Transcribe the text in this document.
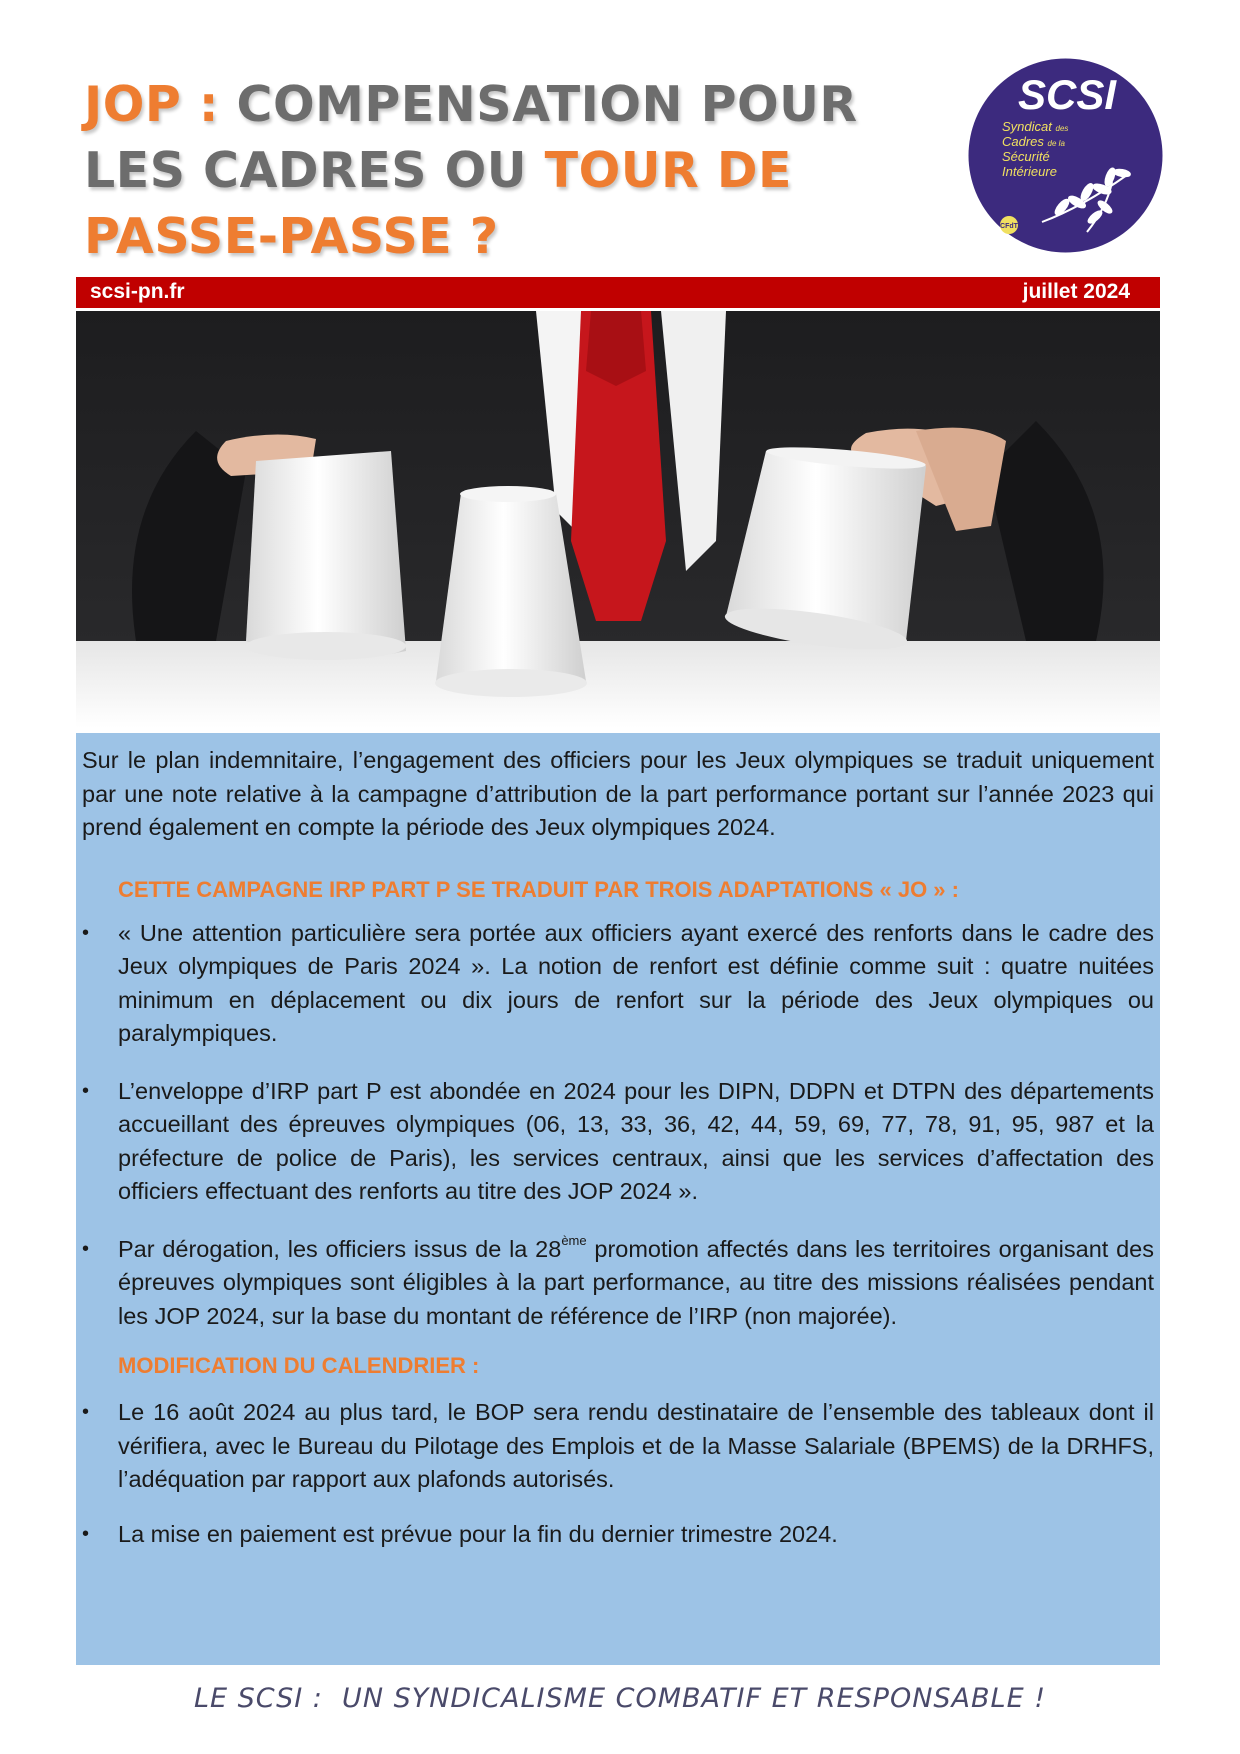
JOP : COMPENSATION POUR LES CADRES OU TOUR DE PASSE-PASSE ?
SCSI
Syndicat des
Cadres de la
Sécurité
Intérieure
CFdT
scsi-pn.fr	juillet 2024

Sur le plan indemnitaire, l’engagement des officiers pour les Jeux olympiques se traduit uniquement par une note relative à la campagne d’attribution de la part performance portant sur l’année 2023 qui prend également en compte la période des Jeux olympiques 2024.

CETTE CAMPAGNE IRP PART P SE TRADUIT PAR TROIS ADAPTATIONS « JO » :

• « Une attention particulière sera portée aux officiers ayant exercé des renforts dans le cadre des Jeux olympiques de Paris 2024 ». La notion de renfort est définie comme suit : quatre nuitées minimum en déplacement ou dix jours de renfort sur la période des Jeux olympiques ou paralympiques.
• L’enveloppe d’IRP part P est abondée en 2024 pour les DIPN, DDPN et DTPN des départements accueillant des épreuves olympiques (06, 13, 33, 36, 42, 44, 59, 69, 77, 78, 91, 95, 987 et la préfecture de police de Paris), les services centraux, ainsi que les services d’affectation des officiers effectuant des renforts au titre des JOP 2024 ».
• Par dérogation, les officiers issus de la 28ème promotion affectés dans les territoires organisant des épreuves olympiques sont éligibles à la part performance, au titre des missions réalisées pendant les JOP 2024, sur la base du montant de référence de l’IRP (non majorée).

MODIFICATION DU CALENDRIER :

• Le 16 août 2024 au plus tard, le BOP sera rendu destinataire de l’ensemble des tableaux dont il vérifiera, avec le Bureau du Pilotage des Emplois et de la Masse Salariale (BPEMS) de la DRHFS, l’adéquation par rapport aux plafonds autorisés.
• La mise en paiement est prévue pour la fin du dernier trimestre 2024.
LE SCSI :  UN SYNDICALISME COMBATIF ET RESPONSABLE !
